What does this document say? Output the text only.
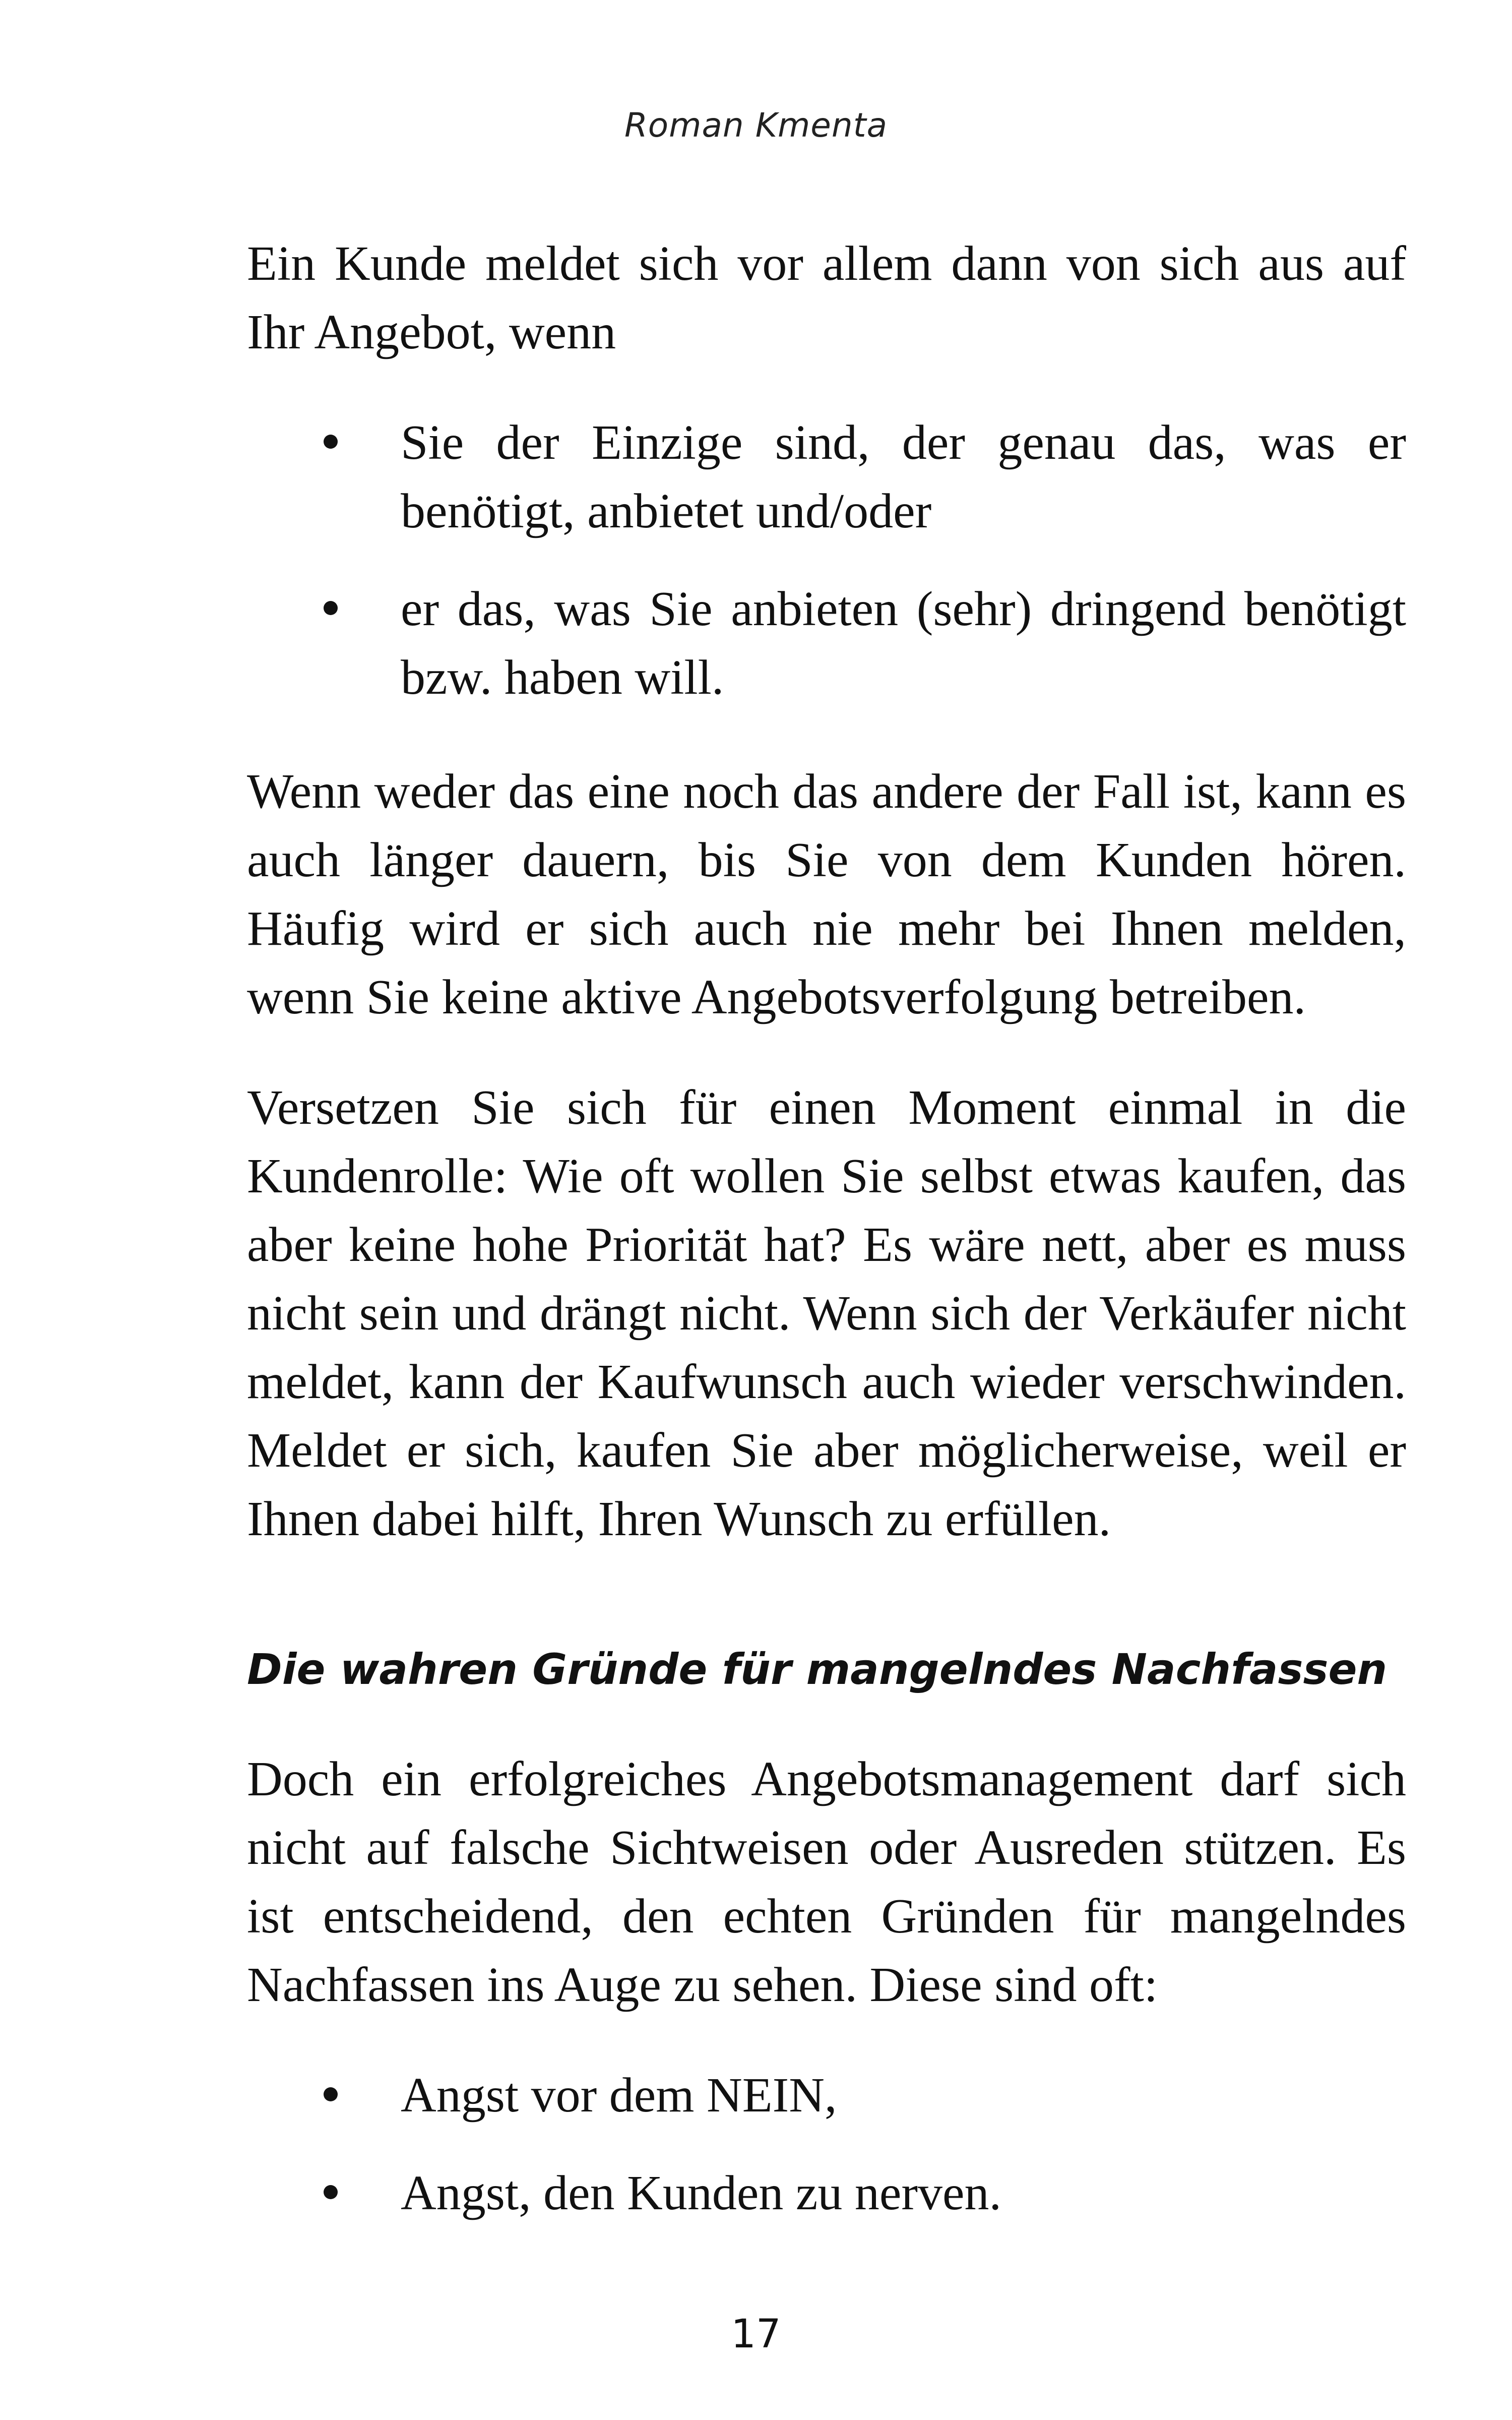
Roman Kmenta

Ein Kunde meldet sich vor allem dann von sich aus auf Ihr Angebot, wenn

Sie der Einzige sind, der genau das, was er benötigt, anbietet und/oder
er das, was Sie anbieten (sehr) dringend benötigt bzw. haben will.

Wenn weder das eine noch das andere der Fall ist, kann es auch länger dauern, bis Sie von dem Kunden hören. Häufig wird er sich auch nie mehr bei Ihnen melden, wenn Sie keine aktive Angebotsverfolgung betreiben.

Versetzen Sie sich für einen Moment einmal in die Kundenrolle: Wie oft wollen Sie selbst etwas kaufen, das aber keine hohe Priorität hat? Es wäre nett, aber es muss nicht sein und drängt nicht. Wenn sich der Verkäufer nicht meldet, kann der Kaufwunsch auch wieder verschwinden. Meldet er sich, kaufen Sie aber möglicherweise, weil er Ihnen dabei hilft, Ihren Wunsch zu erfüllen.

Die wahren Gründe für mangelndes Nachfassen

Doch ein erfolgreiches Angebotsmanagement darf sich nicht auf falsche Sichtweisen oder Ausreden stützen. Es ist entscheidend, den echten Gründen für mangelndes Nachfassen ins Auge zu sehen. Diese sind oft:

Angst vor dem NEIN,
Angst, den Kunden zu nerven.
17
